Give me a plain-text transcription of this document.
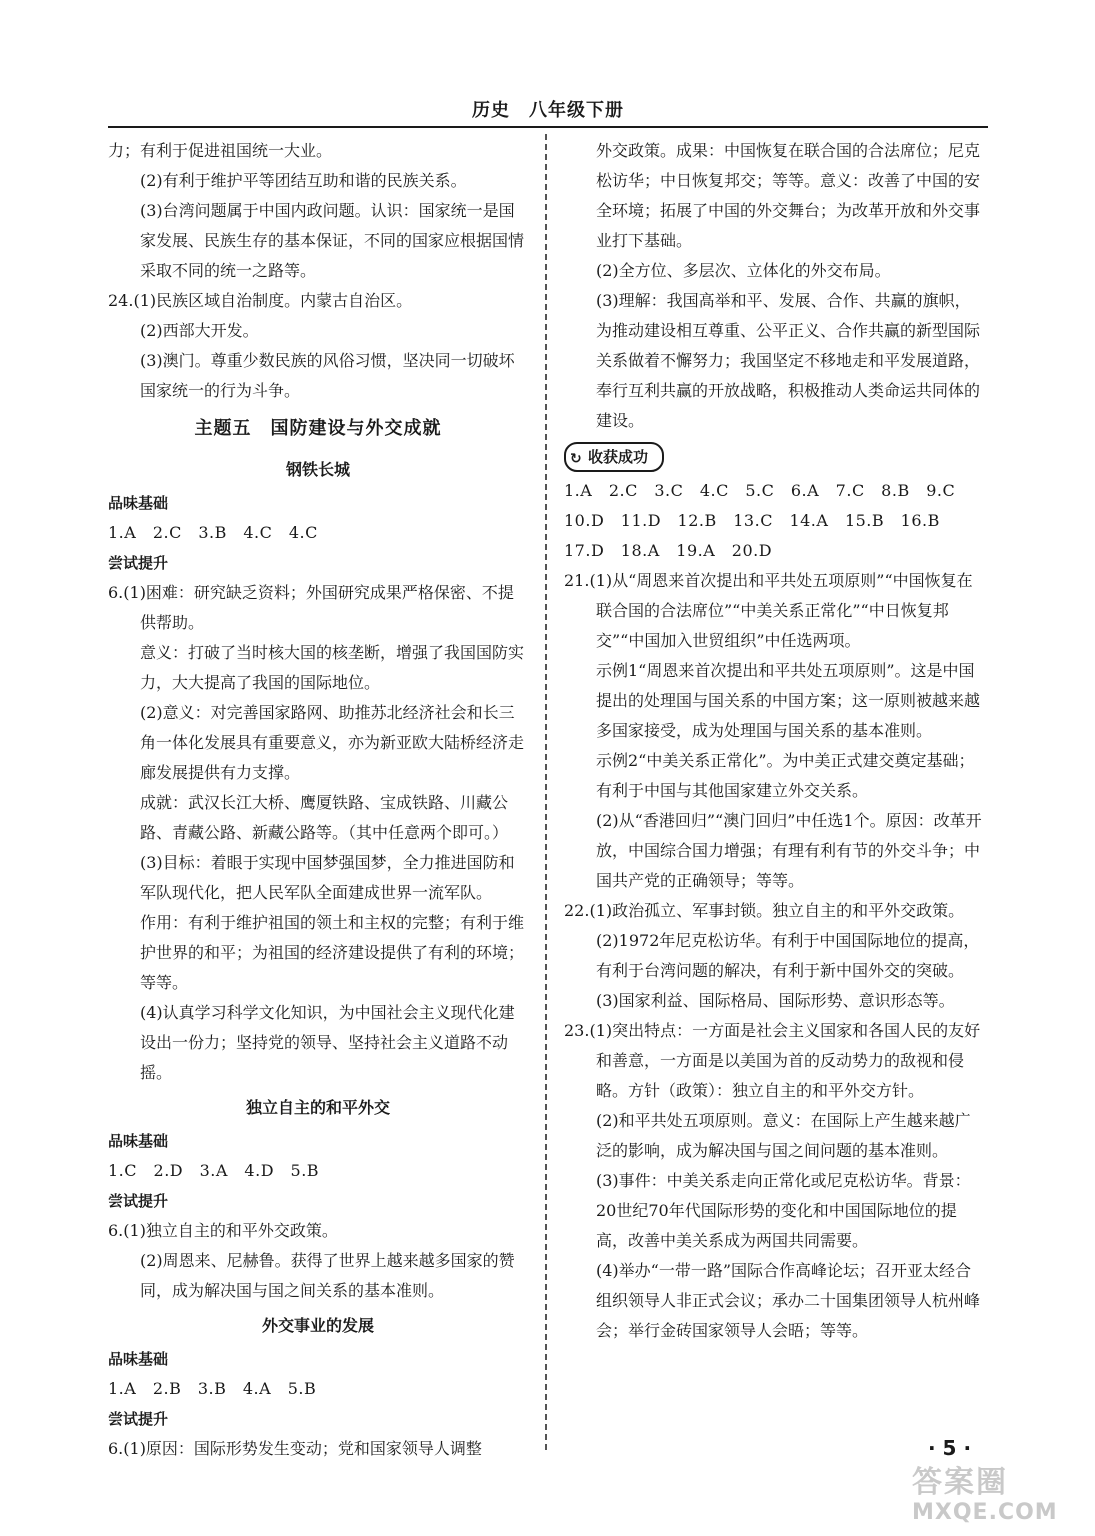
历史　八年级下册

力；有利于促进祖国统一大业。

(2)有利于维护平等团结互助和谐的民族关系。

(3)台湾问题属于中国内政问题。认识：国家统一是国家发展、民族生存的基本保证，不同的国家应根据国情采取不同的统一之路等。

24.(1)民族区域自治制度。内蒙古自治区。

(2)西部大开发。

(3)澳门。尊重少数民族的风俗习惯，坚决同一切破坏国家统一的行为斗争。

主题五　国防建设与外交成就
钢铁长城
品味基础

1.A　2.C　3.B　4.C　4.C

尝试提升

6.(1)困难：研究缺乏资料；外国研究成果严格保密、不提供帮助。

意义：打破了当时核大国的核垄断，增强了我国国防实力，大大提高了我国的国际地位。

(2)意义：对完善国家路网、助推苏北经济社会和长三角一体化发展具有重要意义，亦为新亚欧大陆桥经济走廊发展提供有力支撑。

成就：武汉长江大桥、鹰厦铁路、宝成铁路、川藏公路、青藏公路、新藏公路等。（其中任意两个即可。）

(3)目标：着眼于实现中国梦强国梦，全力推进国防和军队现代化，把人民军队全面建成世界一流军队。

作用：有利于维护祖国的领土和主权的完整；有利于维护世界的和平；为祖国的经济建设提供了有利的环境；等等。

(4)认真学习科学文化知识，为中国社会主义现代化建设出一份力；坚持党的领导、坚持社会主义道路不动摇。

独立自主的和平外交
品味基础

1.C　2.D　3.A　4.D　5.B

尝试提升

6.(1)独立自主的和平外交政策。

(2)周恩来、尼赫鲁。获得了世界上越来越多国家的赞同，成为解决国与国之间关系的基本准则。

外交事业的发展
品味基础

1.A　2.B　3.B　4.A　5.B

尝试提升

6.(1)原因：国际形势发生变动；党和国家领导人调整

外交政策。成果：中国恢复在联合国的合法席位；尼克松访华；中日恢复邦交；等等。意义：改善了中国的安全环境；拓展了中国的外交舞台；为改革开放和外交事业打下基础。

(2)全方位、多层次、立体化的外交布局。

(3)理解：我国高举和平、发展、合作、共赢的旗帜，为推动建设相互尊重、公平正义、合作共赢的新型国际关系做着不懈努力；我国坚定不移地走和平发展道路，奉行互利共赢的开放战略，积极推动人类命运共同体的建设。

↻ 收获成功

1.A　2.C　3.C　4.C　5.C　6.A　7.C　8.B　9.C

10.D　11.D　12.B　13.C　14.A　15.B　16.B

17.D　18.A　19.A　20.D

21.(1)从“周恩来首次提出和平共处五项原则”“中国恢复在联合国的合法席位”“中美关系正常化”“中日恢复邦交”“中国加入世贸组织”中任选两项。

示例1“周恩来首次提出和平共处五项原则”。这是中国提出的处理国与国关系的中国方案；这一原则被越来越多国家接受，成为处理国与国关系的基本准则。

示例2“中美关系正常化”。为中美正式建交奠定基础；有利于中国与其他国家建立外交关系。

(2)从“香港回归”“澳门回归”中任选1个。原因：改革开放，中国综合国力增强；有理有利有节的外交斗争；中国共产党的正确领导；等等。

22.(1)政治孤立、军事封锁。独立自主的和平外交政策。

(2)1972年尼克松访华。有利于中国国际地位的提高，有利于台湾问题的解决，有利于新中国外交的突破。

(3)国家利益、国际格局、国际形势、意识形态等。

23.(1)突出特点：一方面是社会主义国家和各国人民的友好和善意，一方面是以美国为首的反动势力的敌视和侵略。方针（政策）：独立自主的和平外交方针。

(2)和平共处五项原则。意义：在国际上产生越来越广泛的影响，成为解决国与国之间问题的基本准则。

(3)事件：中美关系走向正常化或尼克松访华。背景：20世纪70年代国际形势的变化和中国国际地位的提高，改善中美关系成为两国共同需要。

(4)举办“一带一路”国际合作高峰论坛；召开亚太经合组织领导人非正式会议；承办二十国集团领导人杭州峰会；举行金砖国家领导人会晤；等等。

· 5 ·
答案圈
MXQE.COM
